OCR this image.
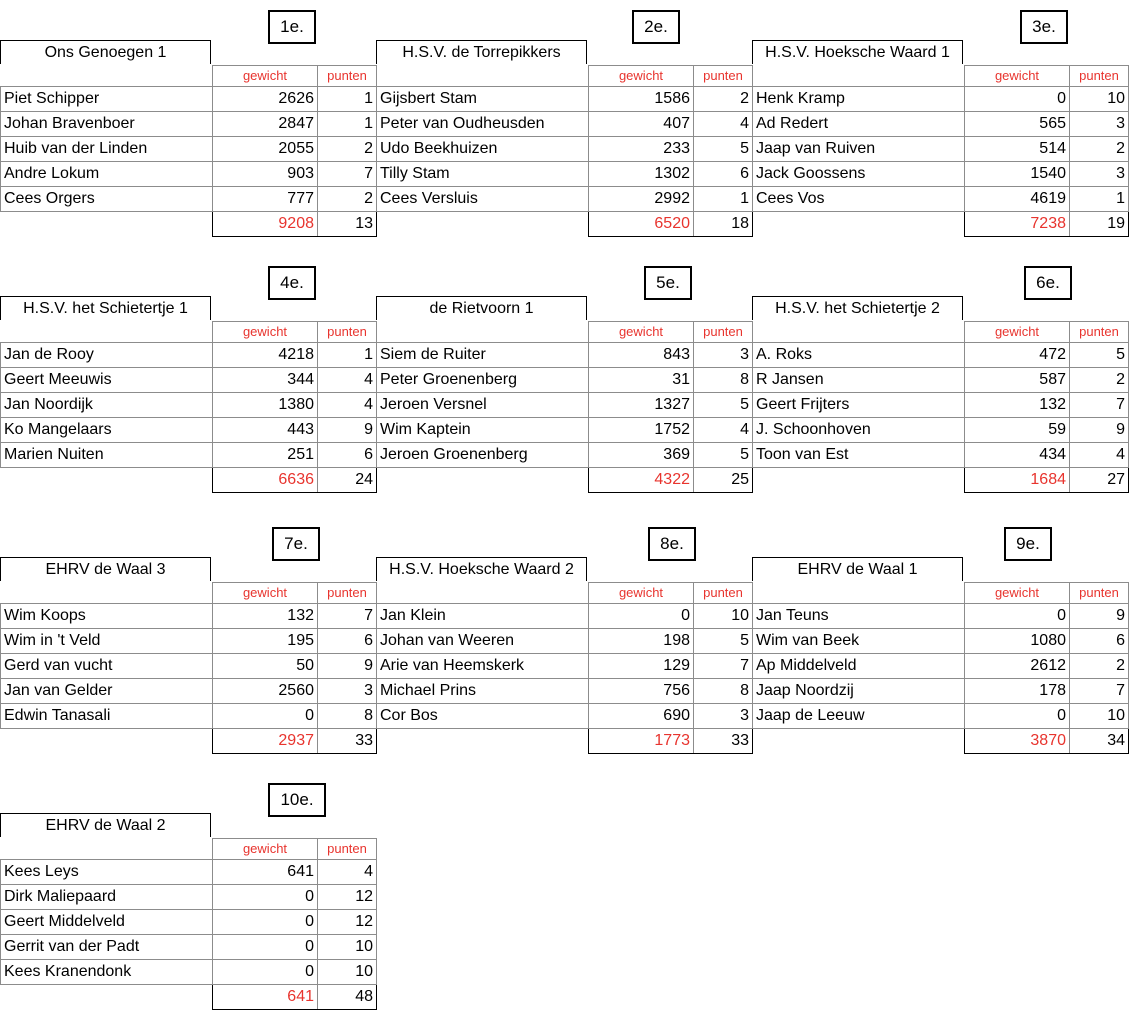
1e.
Ons Genoegen 1
	gewicht	punten
Piet Schipper	2626	1
Johan Bravenboer	2847	1
Huib van der Linden	2055	2
Andre Lokum	903	7
Cees Orgers	777	2
	9208	13
2e.
H.S.V. de Torrepikkers
	gewicht	punten
Gijsbert Stam	1586	2
Peter van Oudheusden	407	4
Udo Beekhuizen	233	5
Tilly Stam	1302	6
Cees Versluis	2992	1
	6520	18
3e.
H.S.V. Hoeksche Waard 1
	gewicht	punten
Henk Kramp	0	10
Ad Redert	565	3
Jaap van Ruiven	514	2
Jack Goossens	1540	3
Cees Vos	4619	1
	7238	19
4e.
H.S.V. het Schietertje 1
	gewicht	punten
Jan de Rooy	4218	1
Geert Meeuwis	344	4
Jan Noordijk	1380	4
Ko Mangelaars	443	9
Marien Nuiten	251	6
	6636	24
5e.
de Rietvoorn 1
	gewicht	punten
Siem de Ruiter	843	3
Peter Groenenberg	31	8
Jeroen Versnel	1327	5
Wim Kaptein	1752	4
Jeroen Groenenberg	369	5
	4322	25
6e.
H.S.V. het Schietertje 2
	gewicht	punten
A. Roks	472	5
R Jansen	587	2
Geert Frijters	132	7
J. Schoonhoven	59	9
Toon van Est	434	4
	1684	27
7e.
EHRV de Waal 3
	gewicht	punten
Wim Koops	132	7
Wim in 't Veld	195	6
Gerd van vucht	50	9
Jan van Gelder	2560	3
Edwin Tanasali	0	8
	2937	33
8e.
H.S.V. Hoeksche Waard 2
	gewicht	punten
Jan Klein	0	10
Johan van Weeren	198	5
Arie van Heemskerk	129	7
Michael Prins	756	8
Cor Bos	690	3
	1773	33
9e.
EHRV de Waal 1
	gewicht	punten
Jan Teuns	0	9
Wim van Beek	1080	6
Ap Middelveld	2612	2
Jaap Noordzij	178	7
Jaap de Leeuw	0	10
	3870	34
10e.
EHRV de Waal 2
	gewicht	punten
Kees Leys	641	4
Dirk Maliepaard	0	12
Geert Middelveld	0	12
Gerrit van der Padt	0	10
Kees Kranendonk	0	10
	641	48
